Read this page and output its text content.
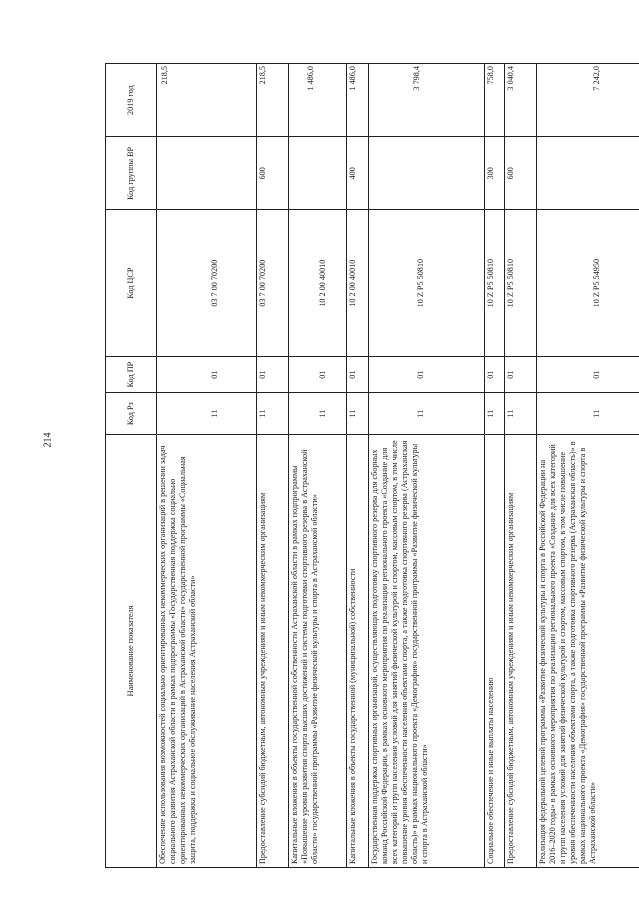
214
Наименование показателя	Код Рз	Код ПР	Код ЦСР	Код группы ВР	2019 год
Обеспечение использования возможностей социально ориентированных некоммерческих организаций в решении задач социального развития Астраханской области в рамках подпрограммы «Государственная поддержка социально ориентированных некоммерческих организаций в Астраханской области» государственной программы «Социальная защита, поддержка и социальное обслуживание населения Астраханской области»	11	01	03 7 00 70200		218,5

Предоставление субсидий бюджетным, автономным учреждениям и иным некоммерческим организациям	11	01	03 7 00 70200	600	218,5
Капитальные вложения в объекты государственной собственности Астраханской области в рамках подпрограммы «Повышение уровня развития спорта высших достижений и системы подготовки спортивного резерва в Астраханской области» государственной программы «Развитие физической культуры и спорта в Астраханской области»	11	01	10 2 00 40010		1 486,0

Капитальные вложения в объекты государственной (муниципальной) собственности	11	01	10 2 00 40010	400	1 486,0
Государственная поддержка спортивных организаций, осуществляющих подготовку спортивного резерва для сборных команд Российской Федерации, в рамках основного мероприятия по реализации регионального проекта «Создание для всех категорий и групп населения условий для занятий физической культурой и спортом, массовым спортом, в том числе повышение уровня обеспеченности населения объектами спорта, а также подготовка спортивного резерва (Астраханская область)» в рамках национального проекта «Демография» государственной программы «Развитие физической культуры и спорта в Астраханской области»	11	01	10 Z P5 50810		3 798,4

Социальное обеспечение и иные выплаты населению	11	01	10 Z P5 50810	300	758,0
Предоставление субсидий бюджетным, автономным учреждениям и иным некоммерческим организациям	11	01	10 Z P5 50810	600	3 040,4
Реализация федеральной целевой программы «Развитие физической культуры и спорта в Российской Федерации на 2016–2020 годы» в рамках основного мероприятия по реализации регионального проекта «Создание для всех категорий и групп населения условий для занятий физической культурой и спортом, массовым спортом, в том числе повышение уровня обеспеченности населения объектами спорта, а также подготовка спортивного резерва (Астраханская область)» в рамках национального проекта «Демография» государственной программы «Развитие физической культуры и спорта в Астраханской области»	11	01	10 Z P5 54950		7 242,0
